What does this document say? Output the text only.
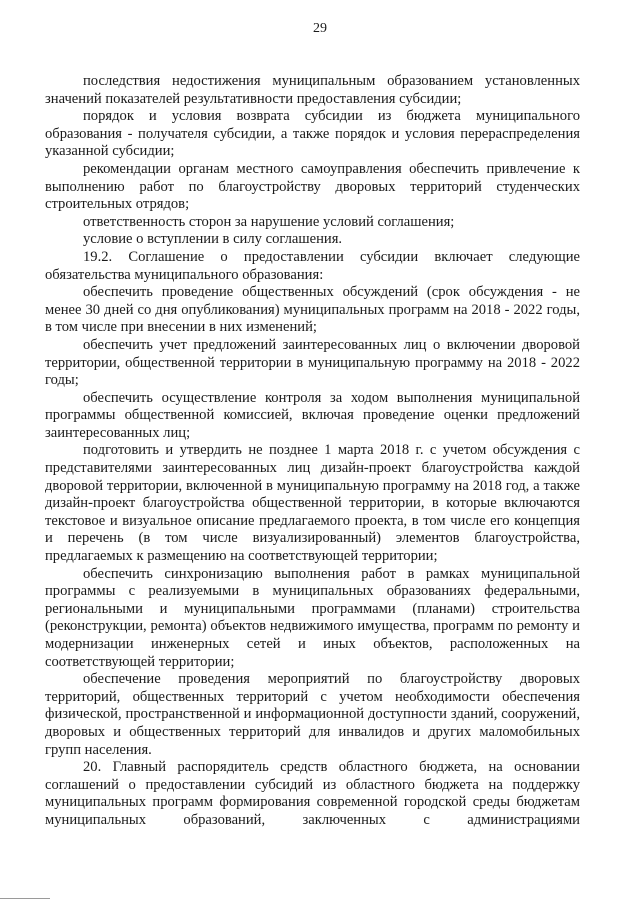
29

последствия недостижения муниципальным образованием установленных значений показателей результативности предоставления субсидии;

порядок и условия возврата субсидии из бюджета муниципального образования - получателя субсидии, а также порядок и условия перераспределения указанной субсидии;

рекомендации органам местного самоуправления обеспечить привлечение к выполнению работ по благоустройству дворовых территорий студенческих строительных отрядов;

ответственность сторон за нарушение условий соглашения;

условие о вступлении в силу соглашения.

19.2. Соглашение о предоставлении субсидии включает следующие обязательства муниципального образования:

обеспечить проведение общественных обсуждений (срок обсуждения - не менее 30 дней со дня опубликования) муниципальных программ на 2018 - 2022 годы, в том числе при внесении в них изменений;

обеспечить учет предложений заинтересованных лиц о включении дворовой территории, общественной территории в муниципальную программу на 2018 - 2022 годы;

обеспечить осуществление контроля за ходом выполнения муниципальной программы общественной комиссией, включая проведение оценки предложений заинтересованных лиц;

подготовить и утвердить не позднее 1 марта 2018 г. с учетом обсуждения с представителями заинтересованных лиц дизайн-проект благоустройства каждой дворовой территории, включенной в муниципальную программу на 2018 год, а также дизайн-проект благоустройства общественной территории, в которые включаются текстовое и визуальное описание предлагаемого проекта, в том числе его концепция и перечень (в том числе визуализированный) элементов благоустройства, предлагаемых к размещению на соответствующей территории;

обеспечить синхронизацию выполнения работ в рамках муниципальной программы с реализуемыми в муниципальных образованиях федеральными, региональными и муниципальными программами (планами) строительства (реконструкции, ремонта) объектов недвижимого имущества, программ по ремонту и модернизации инженерных сетей и иных объектов, расположенных на соответствующей территории;

обеспечение проведения мероприятий по благоустройству дворовых территорий, общественных территорий с учетом необходимости обеспечения физической, пространственной и информационной доступности зданий, сооружений, дворовых и общественных территорий для инвалидов и других маломобильных групп населения.

20. Главный распорядитель средств областного бюджета, на основании соглашений о предоставлении субсидий из областного бюджета на поддержку муниципальных программ формирования современной городской среды бюджетам муниципальных образований, заключенных с администрациями
